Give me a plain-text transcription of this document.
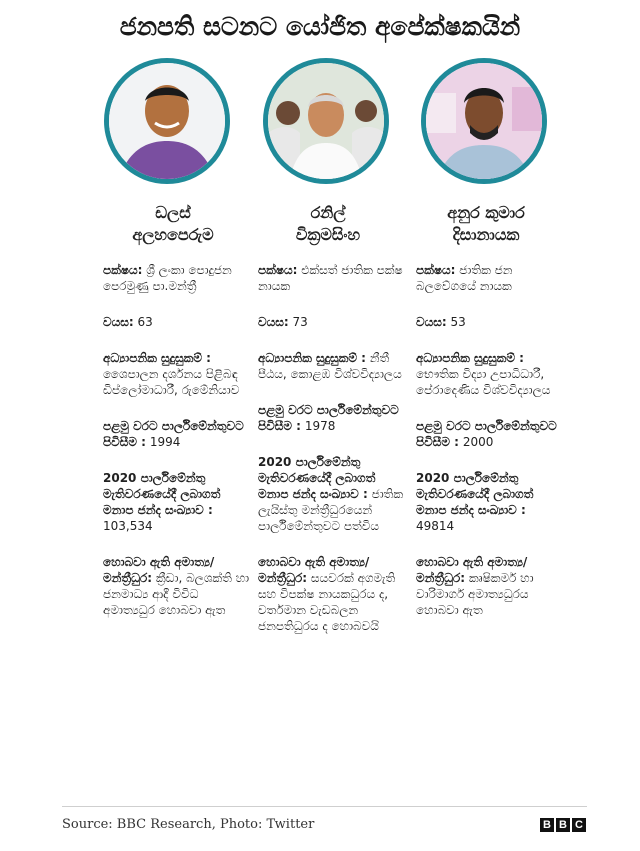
ජනපති සටනට යෝජිත අපේක්ෂකයින්
ඩලස්
අලහපෙරුම
පක්ෂය: ශ්‍රී ලංකා පොදුජන පෙරමුණු පා.මන්ත්‍රී
වයස: 63
අධ්‍යාපනික සුදුසුකම් : ශෛපාලන දර්ශනය පිළිබඳ ඩිප්ලෝමාධාරී, රුමේනියාව
පළමු වරට පාර්ලිමේන්තුවට පිවිසීම : 1994
2020 පාර්ලිමේන්තු මැතිවරණයේදී ලබාගත් මනාප ජන්ද සංඛ්‍යාව : 103,534
හොබවා ඇති අමාත්‍ය/මන්ත්‍රීධුර: ක්‍රීඩා, බලශක්ති හා ජනමාධ්‍ය ආදී විවිධ අමාත්‍යධුර හොබවා ඇත
රනිල්
වික්‍රමසිංහ
පක්ෂය: එක්සත් ජාතික පක්ෂ නායක
වයස: 73
අධ්‍යාපනික සුදුසුකම් : නීතී පීඨය, කොළඹ විශ්වවිද්‍යාලය
පළමු වරට පාර්ලිමේන්තුවට පිවිසීම : 1978
2020 පාර්ලිමේන්තු මැතිවරණයේදී ලබාගත් මනාප ජන්ද සංඛ්‍යාව : ජාතික ලැයිස්තු මන්ත්‍රීධුරයෙන් පාර්ලිමේන්තුවට පත්විය
හොබවා ඇති අමාත්‍ය/මන්ත්‍රීධුර: සයවරක් අගමැති සහ විපක්ෂ නායකධුරය ද, වර්තමාන වැඩබලන ජනපතිධුරය ද හොබවයි
අනුර කුමාර
දිසානායක
පක්ෂය: ජාතික ජන බලවේගයේ නායක
වයස: 53
අධ්‍යාපනික සුදුසුකම් : භෞතික විද්‍යා උපාධිධාරී, පේරාදෙණිය විශ්වවිද්‍යාලය
පළමු වරට පාර්ලිමේන්තුවට පිවිසීම : 2000
2020 පාර්ලිමේන්තු මැතිවරණයේදී ලබාගත් මනාප ජන්ද සංඛ්‍යාව : 49814
හොබවා ඇති අමාත්‍ය/මන්ත්‍රීධුර: කෘෂිකර්ම හා වාරිමාර්ග අමාත්‍යධුරය හොබවා ඇත
Source: BBC Research, Photo: Twitter	B B C
